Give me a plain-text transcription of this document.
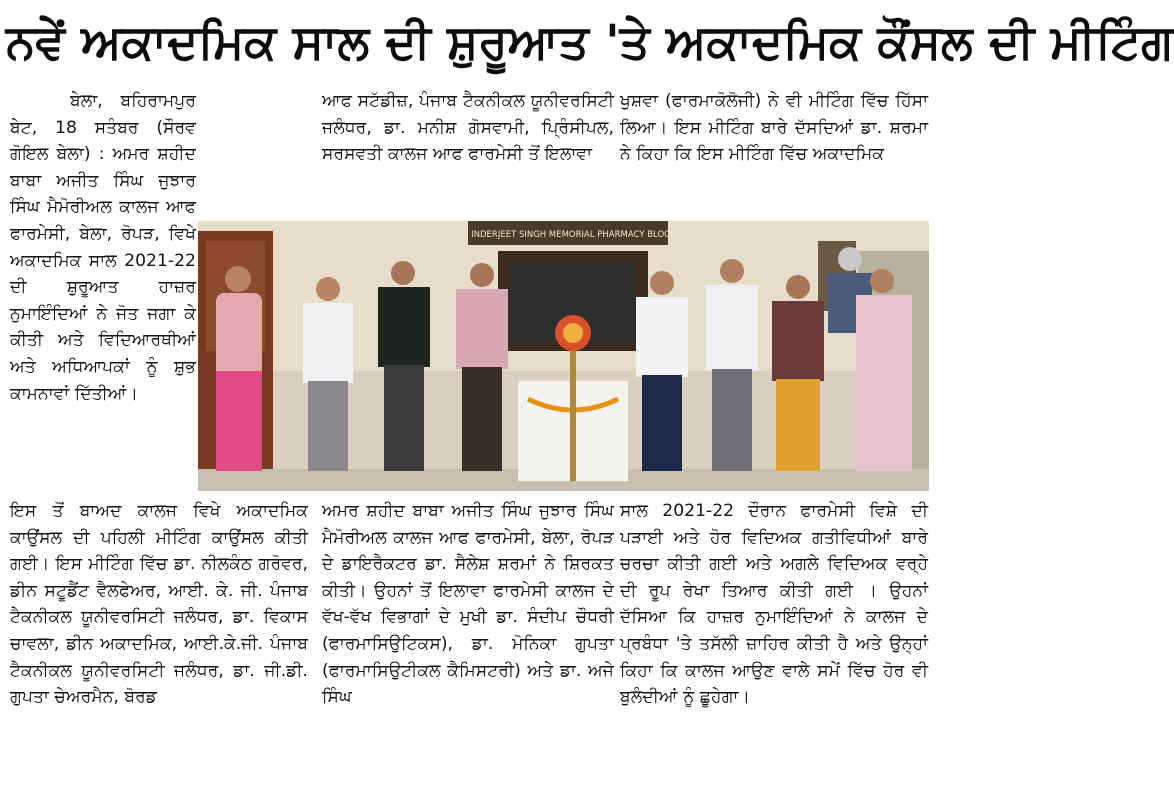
ਨਵੇਂ ਅਕਾਦਮਿਕ ਸਾਲ ਦੀ ਸ਼ੁਰੂਆਤ 'ਤੇ ਅਕਾਦਮਿਕ ਕੌਂਸਲ ਦੀ ਮੀਟਿੰਗ

ਬੇਲਾ, ਬਹਿਰਾਮਪੁਰ ਬੇਟ, 18 ਸਤੰਬਰ (ਸੌਰਵ ਗੋਇਲ ਬੇਲਾ) : ਅਮਰ ਸ਼ਹੀਦ ਬਾਬਾ ਅਜੀਤ ਸਿੰਘ ਜੁਝਾਰ ਸਿੰਘ ਮੈਮੋਰੀਅਲ ਕਾਲਜ ਆਫ ਫਾਰਮੇਸੀ, ਬੇਲਾ, ਰੋਪੜ, ਵਿਖੇ ਅਕਾਦਮਿਕ ਸਾਲ 2021-22 ਦੀ ਸ਼ੁਰੂਆਤ ਹਾਜ਼ਰ ਨੁਮਾਇੰਦਿਆਂ ਨੇ ਜੋਤ ਜਗਾ ਕੇ ਕੀਤੀ ਅਤੇ ਵਿਦਿਆਰਥੀਆਂ ਅਤੇ ਅਧਿਆਪਕਾਂ ਨੂੰ ਸ਼ੁਭ ਕਾਮਨਾਵਾਂ ਦਿੱਤੀਆਂ।

ਆਫ ਸਟੱਡੀਜ਼, ਪੰਜਾਬ ਟੈਕਨੀਕਲ ਯੂਨੀਵਰਸਿਟੀ ਜਲੰਧਰ, ਡਾ. ਮਨੀਸ਼ ਗੋਸਵਾਮੀ, ਪ੍ਰਿੰਸੀਪਲ, ਸਰਸਵਤੀ ਕਾਲਜ ਆਫ ਫਾਰਮੇਸੀ ਤੋਂ ਇਲਾਵਾ

ਖੁਸ਼ਵਾ (ਫਾਰਮਾਕੋਲੋਜੀ) ਨੇ ਵੀ ਮੀਟਿੰਗ ਵਿੱਚ ਹਿੱਸਾ ਲਿਆ। ਇਸ ਮੀਟਿੰਗ ਬਾਰੇ ਦੱਸਦਿਆਂ ਡਾ. ਸ਼ਰਮਾ ਨੇ ਕਿਹਾ ਕਿ ਇਸ ਮੀਟਿੰਗ ਵਿੱਚ ਅਕਾਦਮਿਕ

S. INDERJEET SINGH MEMORIAL PHARMACY BLOCK

ਇਸ ਤੋਂ ਬਾਅਦ ਕਾਲਜ ਵਿਖੇ ਅਕਾਦਮਿਕ ਕਾਉਂਸਲ ਦੀ ਪਹਿਲੀ ਮੀਟਿੰਗ ਕਾਉਂਸਲ ਕੀਤੀ ਗਈ। ਇਸ ਮੀਟਿੰਗ ਵਿੱਚ ਡਾ. ਨੀਲਕੰਠ ਗਰੋਵਰ, ਡੀਨ ਸਟੂਡੈਂਟ ਵੈਲਫੇਅਰ, ਆਈ. ਕੇ. ਜੀ. ਪੰਜਾਬ ਟੈਕਨੀਕਲ ਯੂਨੀਵਰਸਿਟੀ ਜਲੰਧਰ, ਡਾ. ਵਿਕਾਸ ਚਾਵਲਾ, ਡੀਨ ਅਕਾਦਮਿਕ, ਆਈ.ਕੇ.ਜੀ. ਪੰਜਾਬ ਟੈਕਨੀਕਲ ਯੂਨੀਵਰਸਿਟੀ ਜਲੰਧਰ, ਡਾ. ਜੀ.ਡੀ. ਗੁਪਤਾ ਚੇਅਰਮੈਨ, ਬੋਰਡ

ਅਮਰ ਸ਼ਹੀਦ ਬਾਬਾ ਅਜੀਤ ਸਿੰਘ ਜੁਝਾਰ ਸਿੰਘ ਮੈਮੋਰੀਅਲ ਕਾਲਜ ਆਫ ਫਾਰਮੇਸੀ, ਬੇਲਾ, ਰੋਪੜ ਦੇ ਡਾਇਰੈਕਟਰ ਡਾ. ਸੈਲੇਸ਼ ਸ਼ਰਮਾਂ ਨੇ ਸ਼ਿਰਕਤ ਕੀਤੀ। ਉਹਨਾਂ ਤੋਂ ਇਲਾਵਾ ਫਾਰਮੇਸੀ ਕਾਲਜ ਦੇ ਵੱਖ-ਵੱਖ ਵਿਭਾਗਾਂ ਦੇ ਮੁਖੀ ਡਾ. ਸੰਦੀਪ ਚੌਧਰੀ (ਫਾਰਮਾਸਿਉਟਿਕਸ), ਡਾ. ਮੋਨਿਕਾ ਗੁਪਤਾ (ਫਾਰਮਾਸਿਉਟੀਕਲ ਕੈਮਿਸਟਰੀ) ਅਤੇ ਡਾ. ਅਜੇ ਸਿੰਘ

ਸਾਲ 2021-22 ਦੌਰਾਨ ਫਾਰਮੇਸੀ ਵਿਸ਼ੇ ਦੀ ਪੜਾਈ ਅਤੇ ਹੋਰ ਵਿਦਿਅਕ ਗਤੀਵਿਧੀਆਂ ਬਾਰੇ ਚਰਚਾ ਕੀਤੀ ਗਈ ਅਤੇ ਅਗਲੇ ਵਿਦਿਅਕ ਵਰ੍ਹੇ ਦੀ ਰੂਪ ਰੇਖਾ ਤਿਆਰ ਕੀਤੀ ਗਈ । ਉਹਨਾਂ ਦੱਸਿਆ ਕਿ ਹਾਜ਼ਰ ਨੁਮਾਇੰਦਿਆਂ ਨੇ ਕਾਲਜ ਦੇ ਪ੍ਰਬੰਧਾ 'ਤੇ ਤਸੱਲੀ ਜ਼ਾਹਿਰ ਕੀਤੀ ਹੈ ਅਤੇ ਉਨ੍ਹਾਂ ਕਿਹਾ ਕਿ ਕਾਲਜ ਆਉਣ ਵਾਲੇ ਸਮੇਂ ਵਿੱਚ ਹੋਰ ਵੀ ਬੁਲੰਦੀਆਂ ਨੂੰ ਛੂਹੇਗਾ।
